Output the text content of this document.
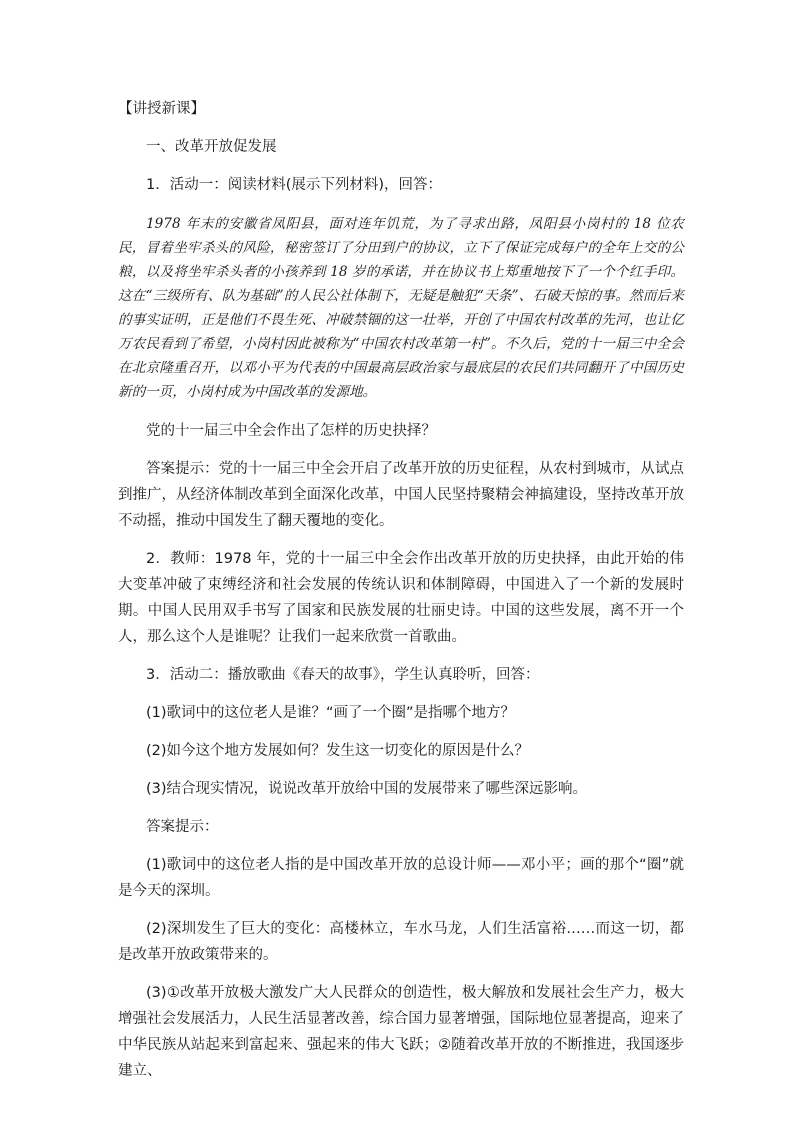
【讲授新课】

一、改革开放促发展

1．活动一：阅读材料(展示下列材料)，回答：

1978 年末的安徽省凤阳县，面对连年饥荒，为了寻求出路，凤阳县小岗村的 18 位农民，冒着坐牢杀头的风险，秘密签订了分田到户的协议，立下了保证完成每户的全年上交的公粮，以及将坐牢杀头者的小孩养到 18 岁的承诺，并在协议书上郑重地按下了一个个红手印。这在“三级所有、队为基础”的人民公社体制下，无疑是触犯“天条”、石破天惊的事。然而后来的事实证明，正是他们不畏生死、冲破禁锢的这一壮举，开创了中国农村改革的先河，也让亿万农民看到了希望，小岗村因此被称为“中国农村改革第一村”。不久后，党的十一届三中全会在北京隆重召开，以邓小平为代表的中国最高层政治家与最底层的农民们共同翻开了中国历史新的一页，小岗村成为中国改革的发源地。

党的十一届三中全会作出了怎样的历史抉择？

答案提示：党的十一届三中全会开启了改革开放的历史征程，从农村到城市，从试点到推广，从经济体制改革到全面深化改革，中国人民坚持聚精会神搞建设，坚持改革开放不动摇，推动中国发生了翻天覆地的变化。

2．教师：1978 年，党的十一届三中全会作出改革开放的历史抉择，由此开始的伟大变革冲破了束缚经济和社会发展的传统认识和体制障碍，中国进入了一个新的发展时期。中国人民用双手书写了国家和民族发展的壮丽史诗。中国的这些发展，离不开一个人，那么这个人是谁呢？让我们一起来欣赏一首歌曲。

3．活动二：播放歌曲《春天的故事》，学生认真聆听，回答：

(1)歌词中的这位老人是谁？“画了一个圈”是指哪个地方？

(2)如今这个地方发展如何？发生这一切变化的原因是什么？

(3)结合现实情况，说说改革开放给中国的发展带来了哪些深远影响。

答案提示：

(1)歌词中的这位老人指的是中国改革开放的总设计师——邓小平；画的那个“圈”就是今天的深圳。

(2)深圳发生了巨大的变化：高楼林立，车水马龙，人们生活富裕……而这一切，都是改革开放政策带来的。

(3)①改革开放极大激发广大人民群众的创造性，极大解放和发展社会生产力，极大增强社会发展活力，人民生活显著改善，综合国力显著增强，国际地位显著提高，迎来了中华民族从站起来到富起来、强起来的伟大飞跃；②随着改革开放的不断推进，我国逐步建立、
